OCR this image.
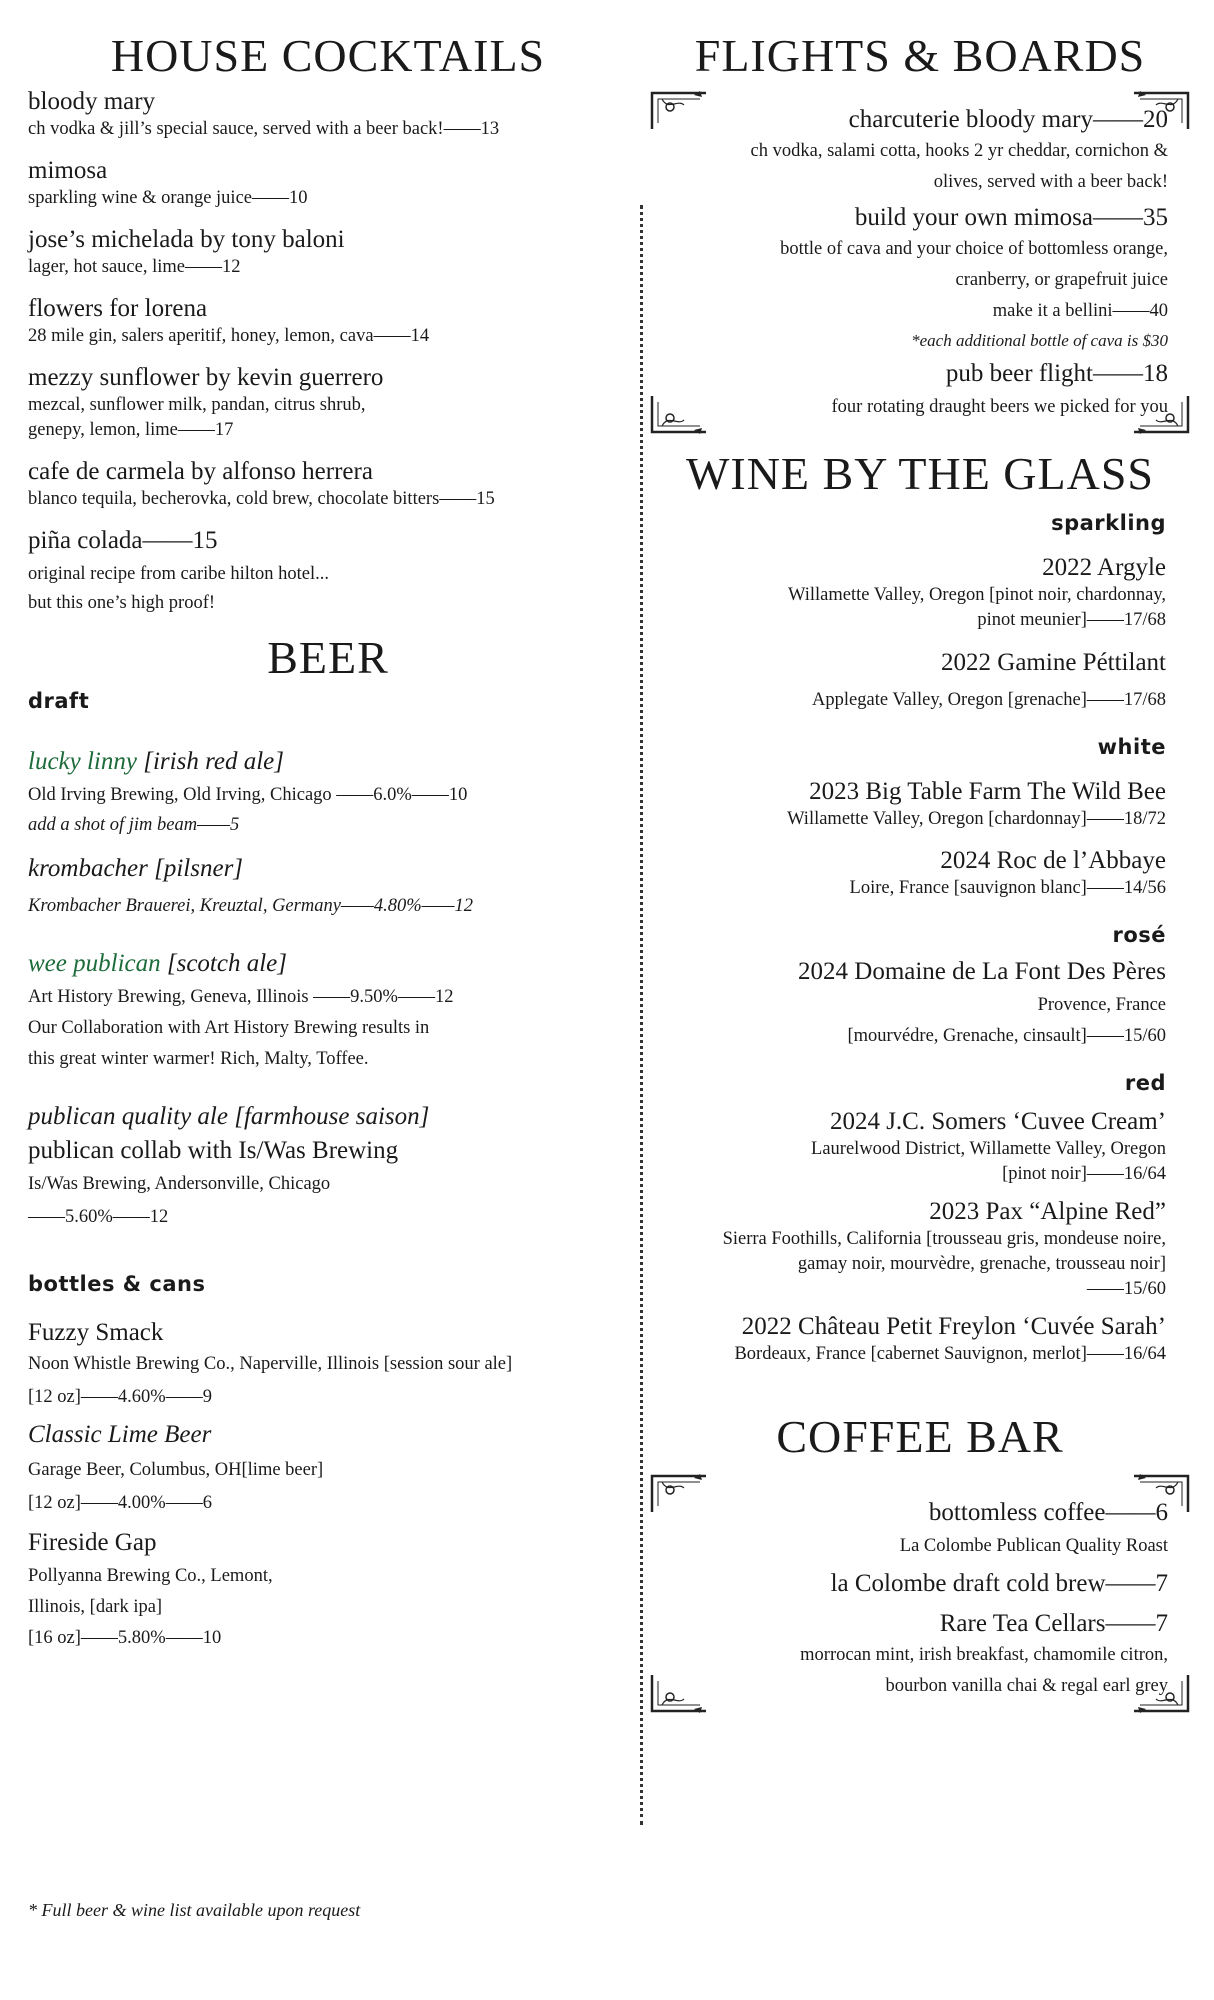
HOUSE COCKTAILS
bloody mary
ch vodka & jill’s special sauce, served with a beer back!——13
mimosa
sparkling wine & orange juice——10
jose’s michelada by tony baloni
lager, hot sauce, lime——12
flowers for lorena
28 mile gin, salers aperitif, honey, lemon, cava——14
mezzy sunflower by kevin guerrero
mezcal, sunflower milk, pandan, citrus shrub,
genepy, lemon, lime——17
cafe de carmela by alfonso herrera
blanco tequila, becherovka, cold brew, chocolate bitters——15
piña colada——15
original recipe from caribe hilton hotel...
but this one’s high proof!
BEER
draft
lucky linny [irish red ale]
Old Irving Brewing, Old Irving, Chicago ——6.0%——10
add a shot of jim beam——5
krombacher [pilsner]
Krombacher Brauerei, Kreuztal, Germany——4.80%——12
wee publican [scotch ale]
Art History Brewing, Geneva, Illinois ——9.50%——12
Our Collaboration with Art History Brewing results in
this great winter warmer! Rich, Malty, Toffee.
publican quality ale [farmhouse saison]
publican collab with Is/Was Brewing
Is/Was Brewing, Andersonville, Chicago
——5.60%——12
bottles & cans
Fuzzy Smack
Noon Whistle Brewing Co., Naperville, Illinois [session sour ale]
[12 oz]——4.60%——9
Classic Lime Beer
Garage Beer, Columbus, OH[lime beer]
[12 oz]——4.00%——6
Fireside Gap
Pollyanna Brewing Co., Lemont,
Illinois, [dark ipa]
[16 oz]——5.80%——10
* Full beer & wine list available upon request
FLIGHTS & BOARDS
charcuterie bloody mary——20
ch vodka, salami cotta, hooks 2 yr cheddar, cornichon &
olives, served with a beer back!
build your own mimosa——35
bottle of cava and your choice of bottomless orange,
cranberry, or grapefruit juice
make it a bellini——40
*each additional bottle of cava is $30
pub beer flight——18
four rotating draught beers we picked for you
WINE BY THE GLASS
sparkling
2022 Argyle
Willamette Valley, Oregon [pinot noir, chardonnay,
pinot meunier]——17/68
2022 Gamine Péttilant
Applegate Valley, Oregon [grenache]——17/68
white
2023 Big Table Farm The Wild Bee
Willamette Valley, Oregon [chardonnay]——18/72
2024 Roc de l’Abbaye
Loire, France [sauvignon blanc]——14/56
rosé
2024 Domaine de La Font Des Pères
Provence, France
[mourvédre, Grenache, cinsault]——15/60
red
2024 J.C. Somers ‘Cuvee Cream’
Laurelwood District, Willamette Valley, Oregon
[pinot noir]——16/64
2023 Pax “Alpine Red”
Sierra Foothills, California [trousseau gris, mondeuse noire,
gamay noir, mourvèdre, grenache, trousseau noir]
——15/60
2022 Château Petit Freylon ‘Cuvée Sarah’
Bordeaux, France [cabernet Sauvignon, merlot]——16/64
COFFEE BAR
bottomless coffee——6
La Colombe Publican Quality Roast
la Colombe draft cold brew——7
Rare Tea Cellars——7
morrocan mint, irish breakfast, chamomile citron,
bourbon vanilla chai & regal earl grey
